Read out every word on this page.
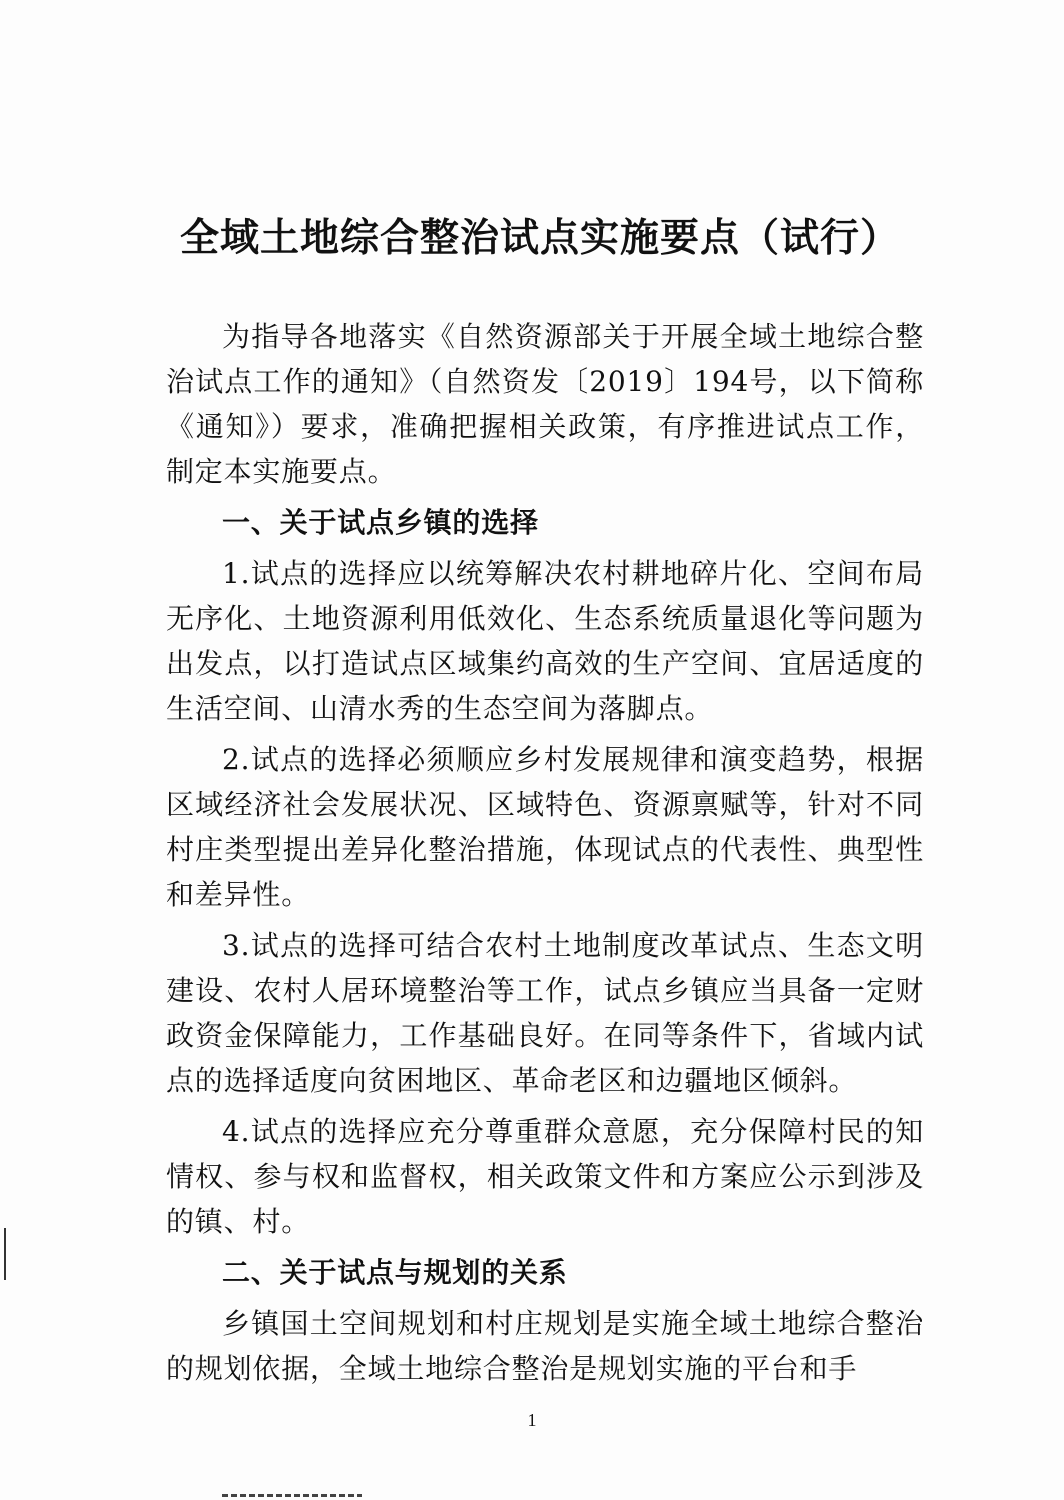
全域土地综合整治试点实施要点（试行）

为指导各地落实《自然资源部关于开展全域土地综合整治试点工作的通知》（自然资发〔2019〕194号，以下简称《通知》）要求，准确把握相关政策，有序推进试点工作，制定本实施要点。

一、关于试点乡镇的选择

1.试点的选择应以统筹解决农村耕地碎片化、空间布局无序化、土地资源利用低效化、生态系统质量退化等问题为出发点，以打造试点区域集约高效的生产空间、宜居适度的生活空间、山清水秀的生态空间为落脚点。

2.试点的选择必须顺应乡村发展规律和演变趋势，根据区域经济社会发展状况、区域特色、资源禀赋等，针对不同村庄类型提出差异化整治措施，体现试点的代表性、典型性和差异性。

3.试点的选择可结合农村土地制度改革试点、生态文明建设、农村人居环境整治等工作，试点乡镇应当具备一定财政资金保障能力，工作基础良好。在同等条件下，省域内试点的选择适度向贫困地区、革命老区和边疆地区倾斜。

4.试点的选择应充分尊重群众意愿，充分保障村民的知情权、参与权和监督权，相关政策文件和方案应公示到涉及的镇、村。

二、关于试点与规划的关系

乡镇国土空间规划和村庄规划是实施全域土地综合整治的规划依据，全域土地综合整治是规划实施的平台和手

1
